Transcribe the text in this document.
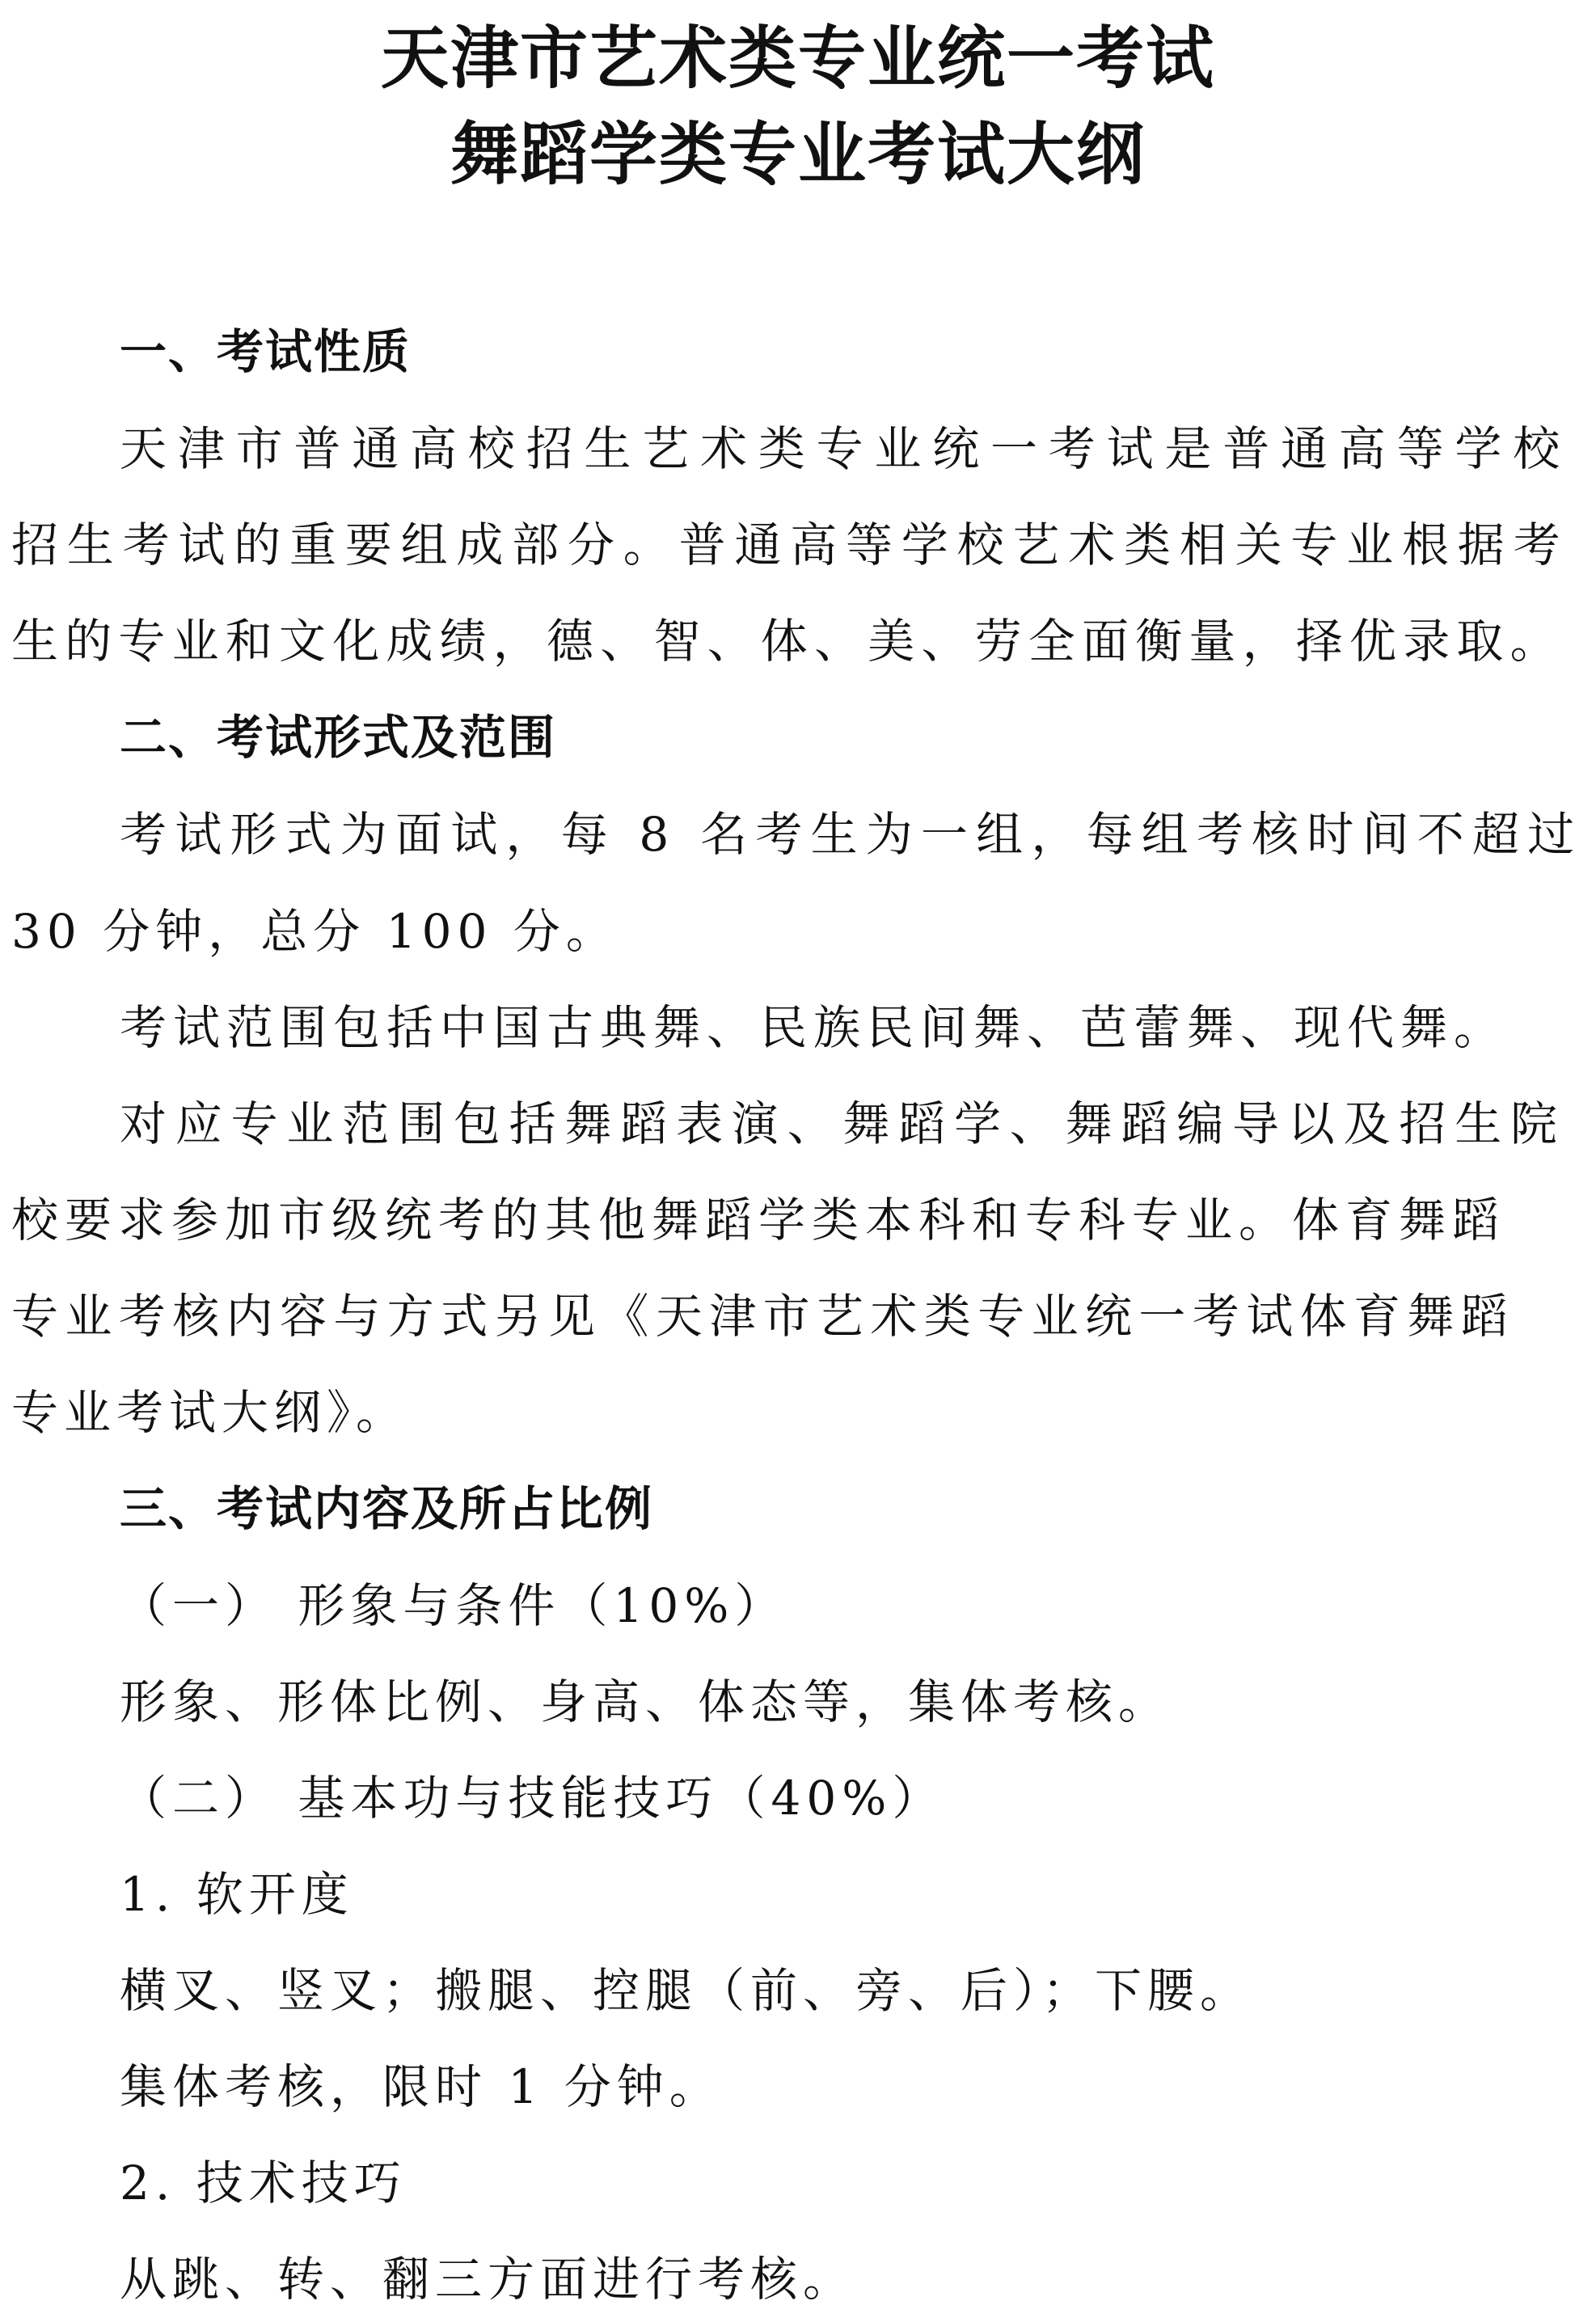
天津市艺术类专业统一考试
舞蹈学类专业考试大纲
一、考试性质

天津市普通高校招生艺术类专业统一考试是普通高等学校

招生考试的重要组成部分。普通高等学校艺术类相关专业根据考

生的专业和文化成绩，德、智、体、美、劳全面衡量，择优录取。

二、考试形式及范围

考试形式为面试，每 8 名考生为一组，每组考核时间不超过

30 分钟，总分 100 分。

考试范围包括中国古典舞、民族民间舞、芭蕾舞、现代舞。

对应专业范围包括舞蹈表演、舞蹈学、舞蹈编导以及招生院

校要求参加市级统考的其他舞蹈学类本科和专科专业。体育舞蹈

专业考核内容与方式另见《天津市艺术类专业统一考试体育舞蹈

专业考试大纲》。

三、考试内容及所占比例

（一） 形象与条件（10%）

形象、形体比例、身高、体态等，集体考核。

（二） 基本功与技能技巧（40%）

1. 软开度

横叉、竖叉；搬腿、控腿（前、旁、后）；下腰。

集体考核，限时 1 分钟。

2. 技术技巧

从跳、转、翻三方面进行考核。
